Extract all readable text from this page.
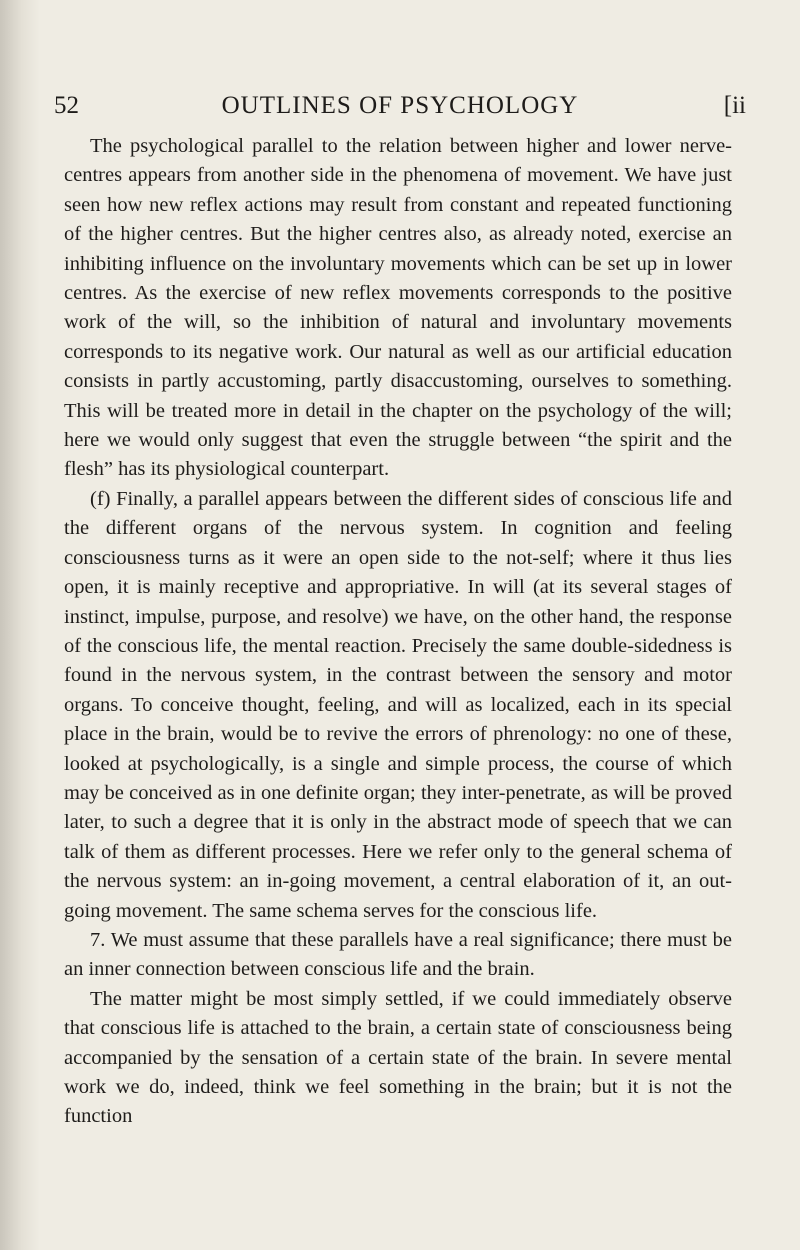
52	OUTLINES OF PSYCHOLOGY	[ii

The psychological parallel to the relation between higher and lower nerve-centres appears from another side in the phenomena of movement. We have just seen how new reflex actions may result from constant and repeated functioning of the higher centres. But the higher centres also, as already noted, exercise an inhibiting influence on the involuntary movements which can be set up in lower centres. As the exercise of new reflex movements corresponds to the positive work of the will, so the inhibition of natural and involuntary movements corresponds to its negative work. Our natural as well as our artificial education consists in partly accustoming, partly disaccustoming, ourselves to something. This will be treated more in detail in the chapter on the psychology of the will; here we would only suggest that even the struggle between “the spirit and the flesh” has its physiological counterpart.

(f) Finally, a parallel appears between the different sides of conscious life and the different organs of the nervous system. In cognition and feeling consciousness turns as it were an open side to the not-self; where it thus lies open, it is mainly receptive and appropriative. In will (at its several stages of instinct, impulse, purpose, and resolve) we have, on the other hand, the response of the conscious life, the mental reaction. Precisely the same double-sidedness is found in the nervous system, in the contrast between the sensory and motor organs. To conceive thought, feeling, and will as localized, each in its special place in the brain, would be to revive the errors of phrenology: no one of these, looked at psychologically, is a single and simple process, the course of which may be conceived as in one definite organ; they inter-penetrate, as will be proved later, to such a degree that it is only in the abstract mode of speech that we can talk of them as different processes. Here we refer only to the general schema of the nervous system: an in-going movement, a central elaboration of it, an out-going movement. The same schema serves for the conscious life.

7. We must assume that these parallels have a real significance; there must be an inner connection between conscious life and the brain.

The matter might be most simply settled, if we could immediately observe that conscious life is attached to the brain, a certain state of consciousness being accompanied by the sensation of a certain state of the brain. In severe mental work we do, indeed, think we feel something in the brain; but it is not the function
